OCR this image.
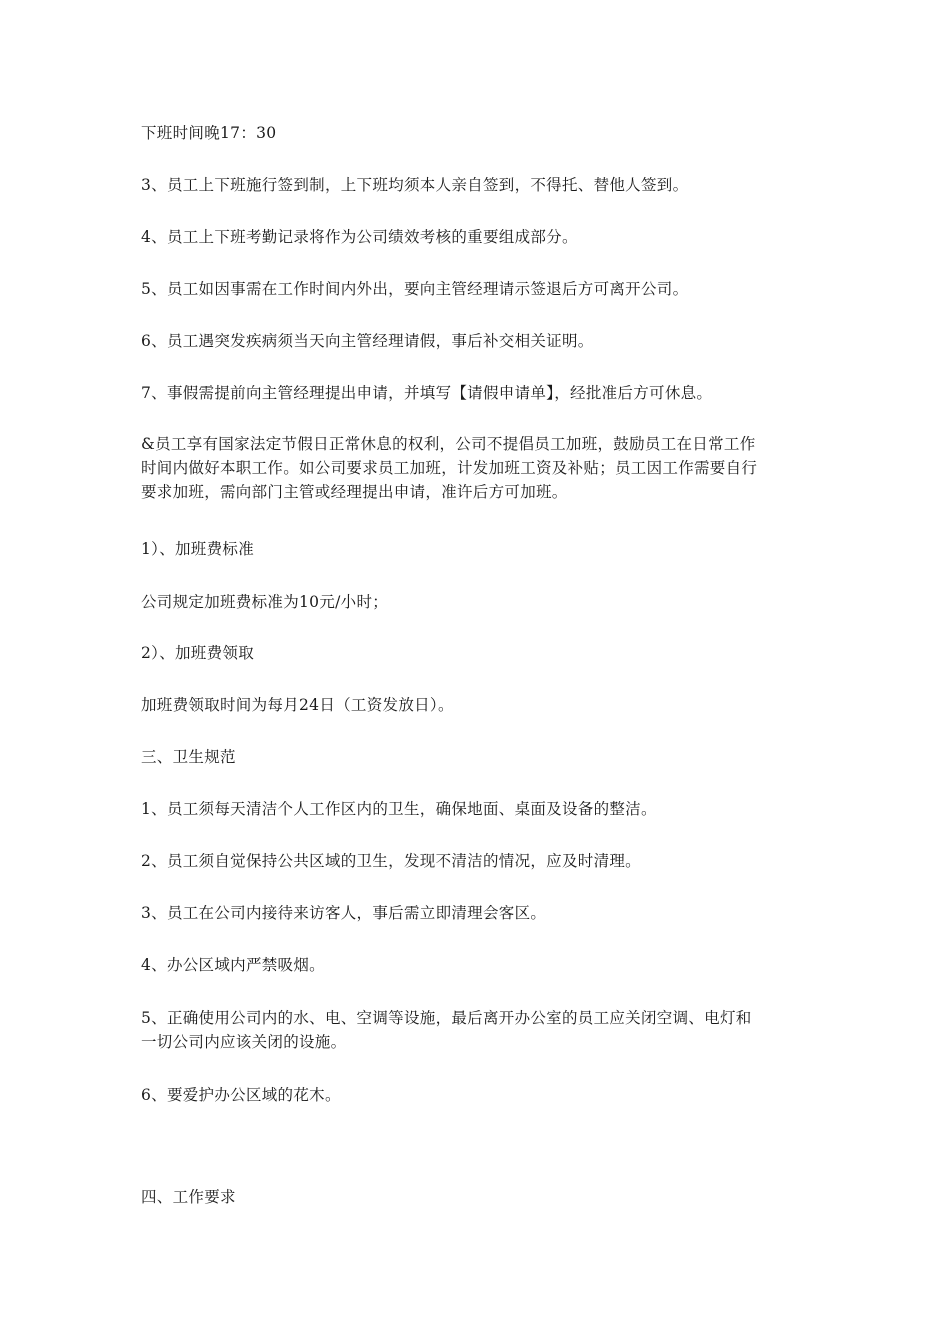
下班时间晚17：30
3、员工上下班施行签到制，上下班均须本人亲自签到，不得托、替他人签到。
4、员工上下班考勤记录将作为公司绩效考核的重要组成部分。
5、员工如因事需在工作时间内外出，要向主管经理请示签退后方可离开公司。
6、员工遇突发疾病须当天向主管经理请假，事后补交相关证明。
7、事假需提前向主管经理提出申请，并填写【请假申请单】，经批准后方可休息。
&员工享有国家法定节假日正常休息的权利，公司不提倡员工加班，鼓励员工在日常工作
时间内做好本职工作。如公司要求员工加班，计发加班工资及补贴；员工因工作需要自行
要求加班，需向部门主管或经理提出申请，准许后方可加班。
1）、加班费标准
公司规定加班费标准为10元/小时；
2）、加班费领取
加班费领取时间为每月24日（工资发放日）。
三、卫生规范
1、员工须每天清洁个人工作区内的卫生，确保地面、桌面及设备的整洁。
2、员工须自觉保持公共区域的卫生，发现不清洁的情况，应及时清理。
3、员工在公司内接待来访客人，事后需立即清理会客区。
4、办公区域内严禁吸烟。
5、正确使用公司内的水、电、空调等设施，最后离开办公室的员工应关闭空调、电灯和
一切公司内应该关闭的设施。
6、要爱护办公区域的花木。
四、工作要求
